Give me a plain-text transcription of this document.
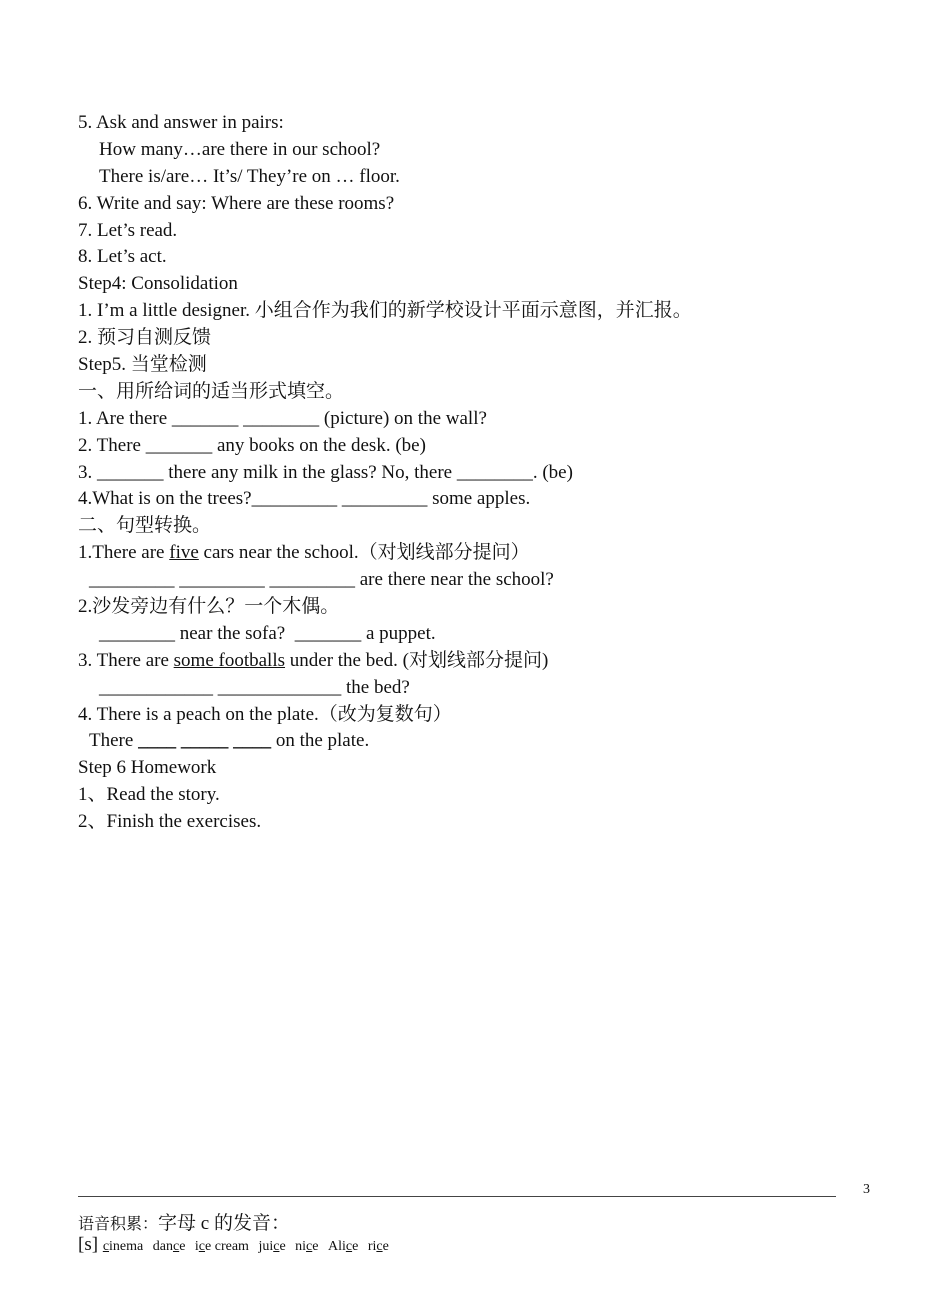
5. Ask and answer in pairs:
How many…are there in our school?
There is/are… It’s/ They’re on … floor.
6. Write and say: Where are these rooms?
7. Let’s read.
8. Let’s act.
Step4: Consolidation
1. I’m a little designer. 小组合作为我们的新学校设计平面示意图，并汇报。
2. 预习自测反馈
Step5. 当堂检测
一、用所给词的适当形式填空。
1. Are there _______ ________ (picture) on the wall?
2. There _______ any books on the desk. (be)
3. _______ there any milk in the glass? No, there ________. (be)
4.What is on the trees?_________ _________ some apples.
二、句型转换。
1.There are five cars near the school.（对划线部分提问）
_________ _________ _________ are there near the school?
2.沙发旁边有什么？一个木偶。
________ near the sofa?  _______ a puppet.
3. There are some footballs under the bed. (对划线部分提问)
____________ _____________ the bed?
4. There is a peach on the plate.（改为复数句）
There ____ _____ ____ on the plate.
Step 6 Homework
1、Read the story.
2、Finish the exercises.
3
语音积累：字母 c 的发音：
[s] cinema dance ice cream juice nice Alice rice
